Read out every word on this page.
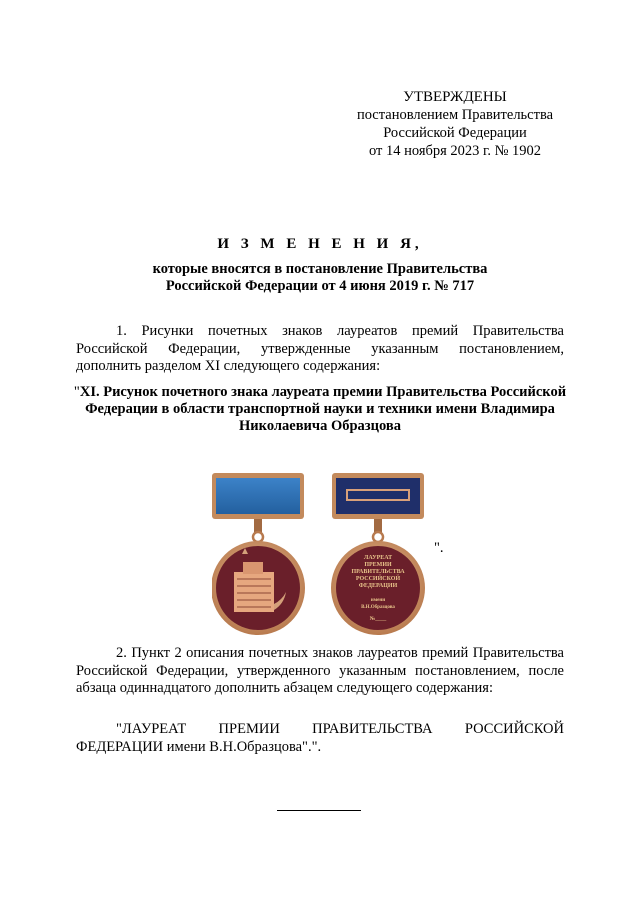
УТВЕРЖДЕНЫ
постановлением Правительства
Российской Федерации
от 14 ноября 2023 г. № 1902
И З М Е Н Е Н И Я,
которые вносятся в постановление Правительства
Российской Федерации от 4 июня 2019 г. № 717
1. Рисунки почетных знаков лауреатов премий Правительства Российской Федерации, утвержденные указанным постановлением, дополнить разделом XI следующего содержания:
"XI. Рисунок почетного знака лауреата премии Правительства Российской Федерации в области транспортной науки и техники имени Владимира Николаевича Образцова
ЛАУРЕАТ
ПРЕМИИ
ПРАВИТЕЛЬСТВА
РОССИЙСКОЙ
ФЕДЕРАЦИИ
имени
В.Н.Образцова
№____
".
2. Пункт 2 описания почетных знаков лауреатов премий Правительства Российской Федерации, утвержденного указанным постановлением, после абзаца одиннадцатого дополнить абзацем следующего содержания:
"ЛАУРЕАТ ПРЕМИИ ПРАВИТЕЛЬСТВА РОССИЙСКОЙ ФЕДЕРАЦИИ имени В.Н.Образцова".".
